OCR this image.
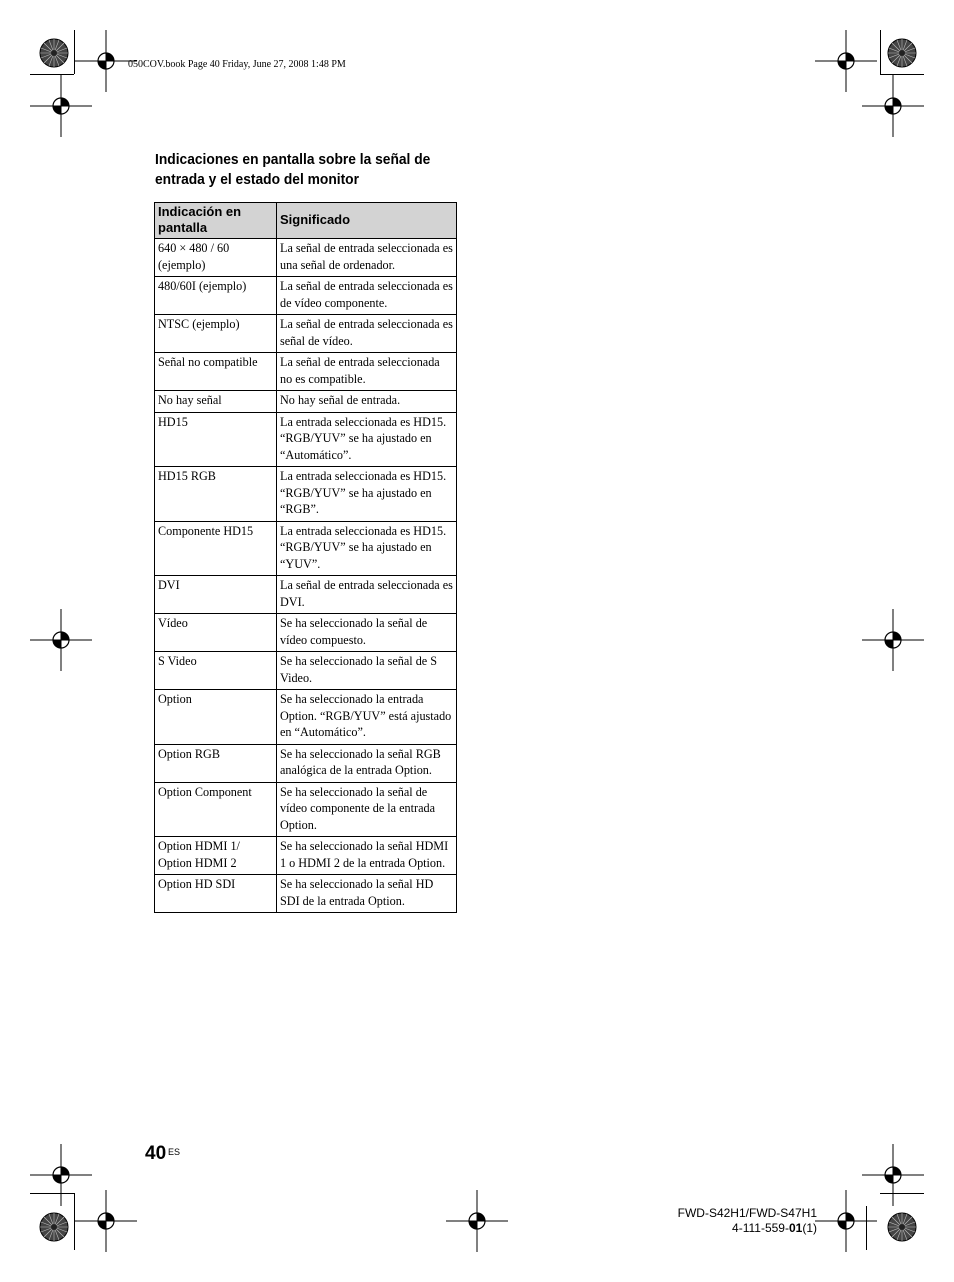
050COV.book Page 40 Friday, June 27, 2008 1:48 PM
Indicaciones en pantalla sobre la señal de entrada y el estado del monitor
Indicación en pantalla	Significado
640 × 480 / 60 (ejemplo)	La señal de entrada seleccionada es una señal de ordenador.
480/60I (ejemplo)	La señal de entrada seleccionada es de vídeo componente.
NTSC (ejemplo)	La señal de entrada seleccionada es señal de vídeo.
Señal no compatible	La señal de entrada seleccionada no es compatible.
No hay señal	No hay señal de entrada.
HD15	La entrada seleccionada es HD15. “RGB/YUV” se ha ajustado en “Automático”.
HD15 RGB	La entrada seleccionada es HD15. “RGB/YUV” se ha ajustado en “RGB”.
Componente HD15	La entrada seleccionada es HD15. “RGB/YUV” se ha ajustado en “YUV”.
DVI	La señal de entrada seleccionada es DVI.
Vídeo	Se ha seleccionado la señal de vídeo compuesto.
S Video	Se ha seleccionado la señal de S Video.
Option	Se ha seleccionado la entrada Option. “RGB/YUV” está ajustado en “Automático”.
Option RGB	Se ha seleccionado la señal RGB analógica de la entrada Option.
Option Component	Se ha seleccionado la señal de vídeo componente de la entrada Option.
Option HDMI 1/ Option HDMI 2	Se ha seleccionado la señal HDMI 1 o HDMI 2 de la entrada Option.
Option HD SDI	Se ha seleccionado la señal HD SDI de la entrada Option.
40 ES
FWD-S42H1/FWD-S47H1
4-111-559-01(1)
